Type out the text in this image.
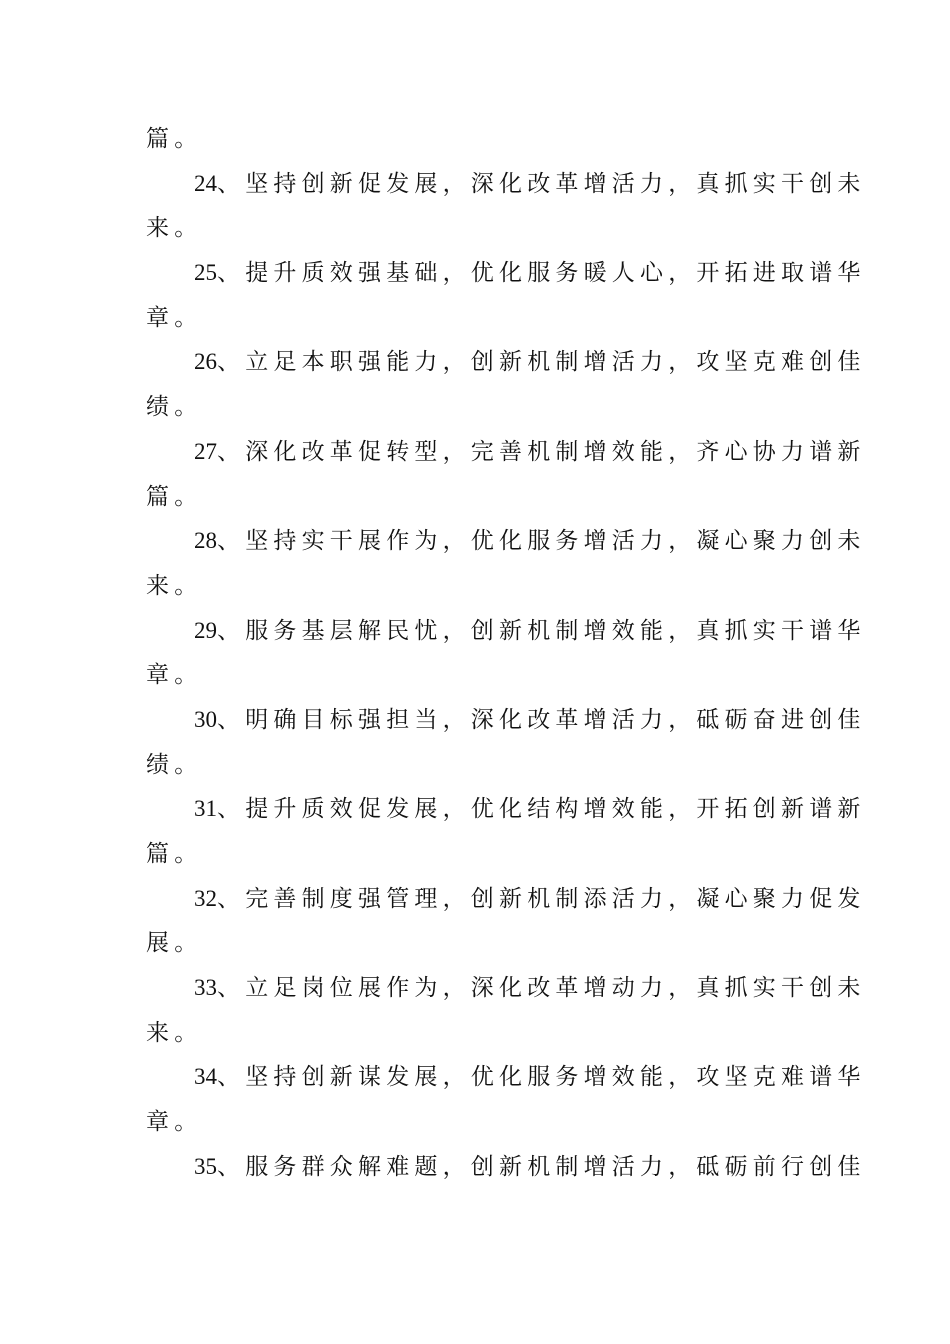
篇。
24、坚持创新促发展，深化改革增活力，真抓实干创未
来。
25、提升质效强基础，优化服务暖人心，开拓进取谱华
章。
26、立足本职强能力，创新机制增活力，攻坚克难创佳
绩。
27、深化改革促转型，完善机制增效能，齐心协力谱新
篇。
28、坚持实干展作为，优化服务增活力，凝心聚力创未
来。
29、服务基层解民忧，创新机制增效能，真抓实干谱华
章。
30、明确目标强担当，深化改革增活力，砥砺奋进创佳
绩。
31、提升质效促发展，优化结构增效能，开拓创新谱新
篇。
32、完善制度强管理，创新机制添活力，凝心聚力促发
展。
33、立足岗位展作为，深化改革增动力，真抓实干创未
来。
34、坚持创新谋发展，优化服务增效能，攻坚克难谱华
章。
35、服务群众解难题，创新机制增活力，砥砺前行创佳
